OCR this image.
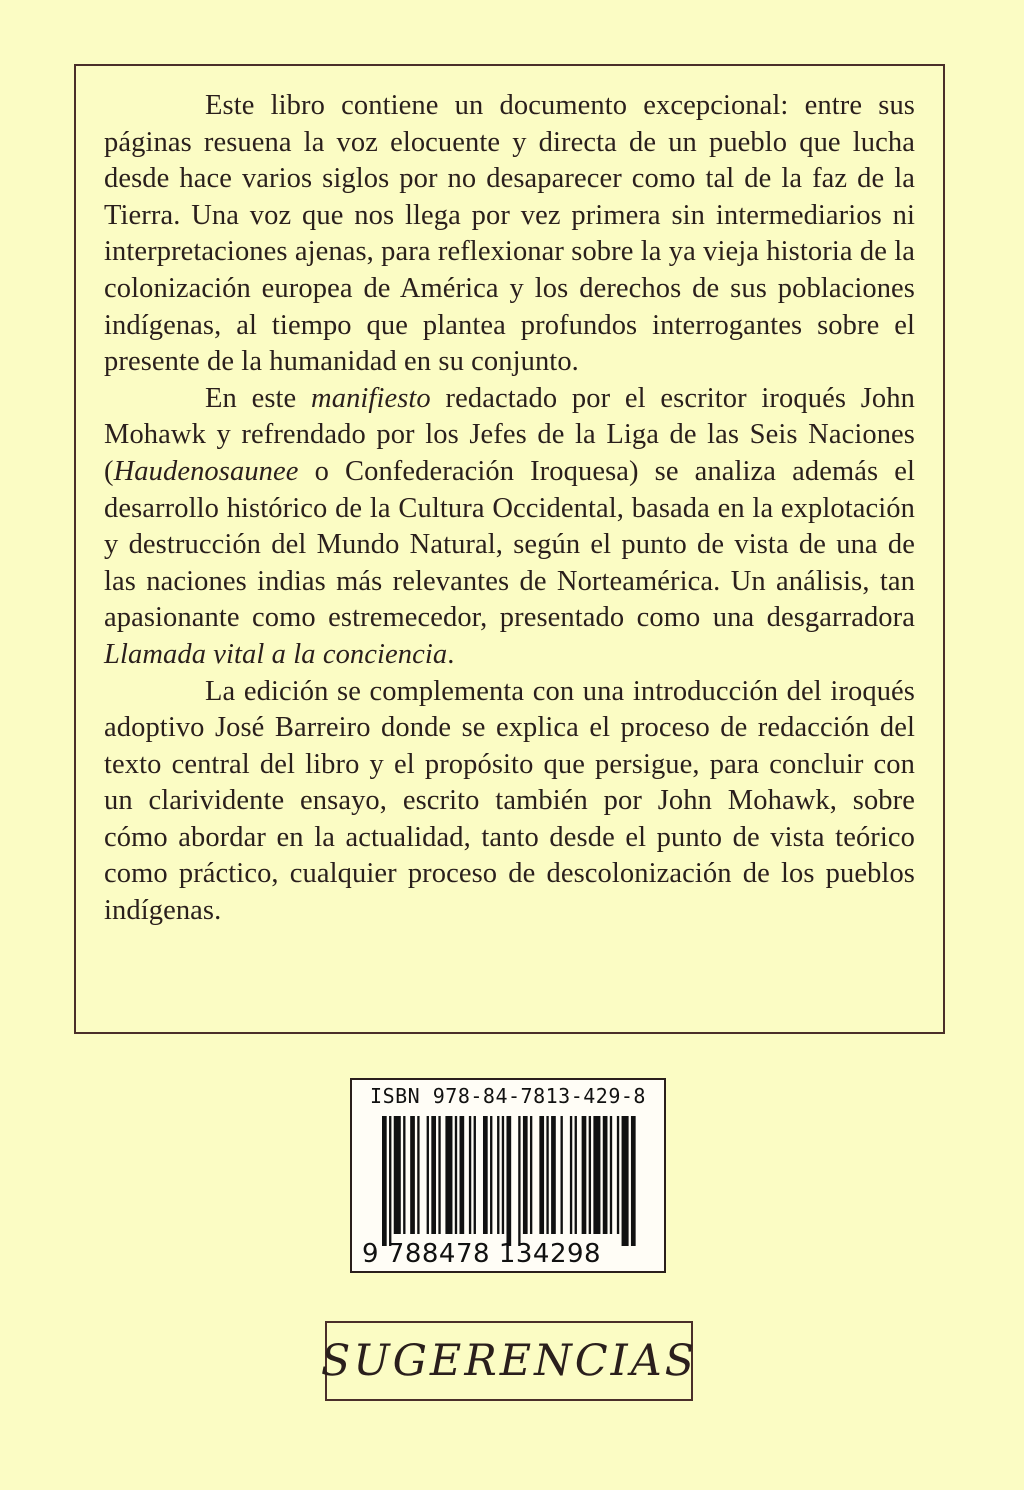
Este libro contiene un documento excepcional: entre sus páginas resuena la voz elocuente y directa de un pueblo que lucha desde hace varios siglos por no desaparecer como tal de la faz de la Tierra. Una voz que nos llega por vez primera sin intermediarios ni interpretaciones ajenas, para reflexionar sobre la ya vieja historia de la colonización europea de América y los derechos de sus poblaciones indígenas, al tiempo que plantea profundos interrogantes sobre el presente de la humanidad en su conjunto.

En este manifiesto redactado por el escritor iroqués John Mohawk y refrendado por los Jefes de la Liga de las Seis Naciones (Haudenosaunee o Confederación Iroquesa) se analiza además el desarrollo histórico de la Cultura Occidental, basada en la explotación y destrucción del Mundo Natural, según el punto de vista de una de las naciones indias más relevantes de Norteamérica. Un análisis, tan apasionante como estremecedor, presentado como una desgarradora Llamada vital a la conciencia.

La edición se complementa con una introducción del iroqués adoptivo José Barreiro donde se explica el proceso de redacción del texto central del libro y el propósito que persigue, para concluir con un clarividente ensayo, escrito también por John Mohawk, sobre cómo abordar en la actualidad, tanto desde el punto de vista teórico como práctico, cualquier proceso de descolonización de los pueblos indígenas.

ISBN 978-84-7813-429-8
9 788478 134298
SUGERENCIAS
